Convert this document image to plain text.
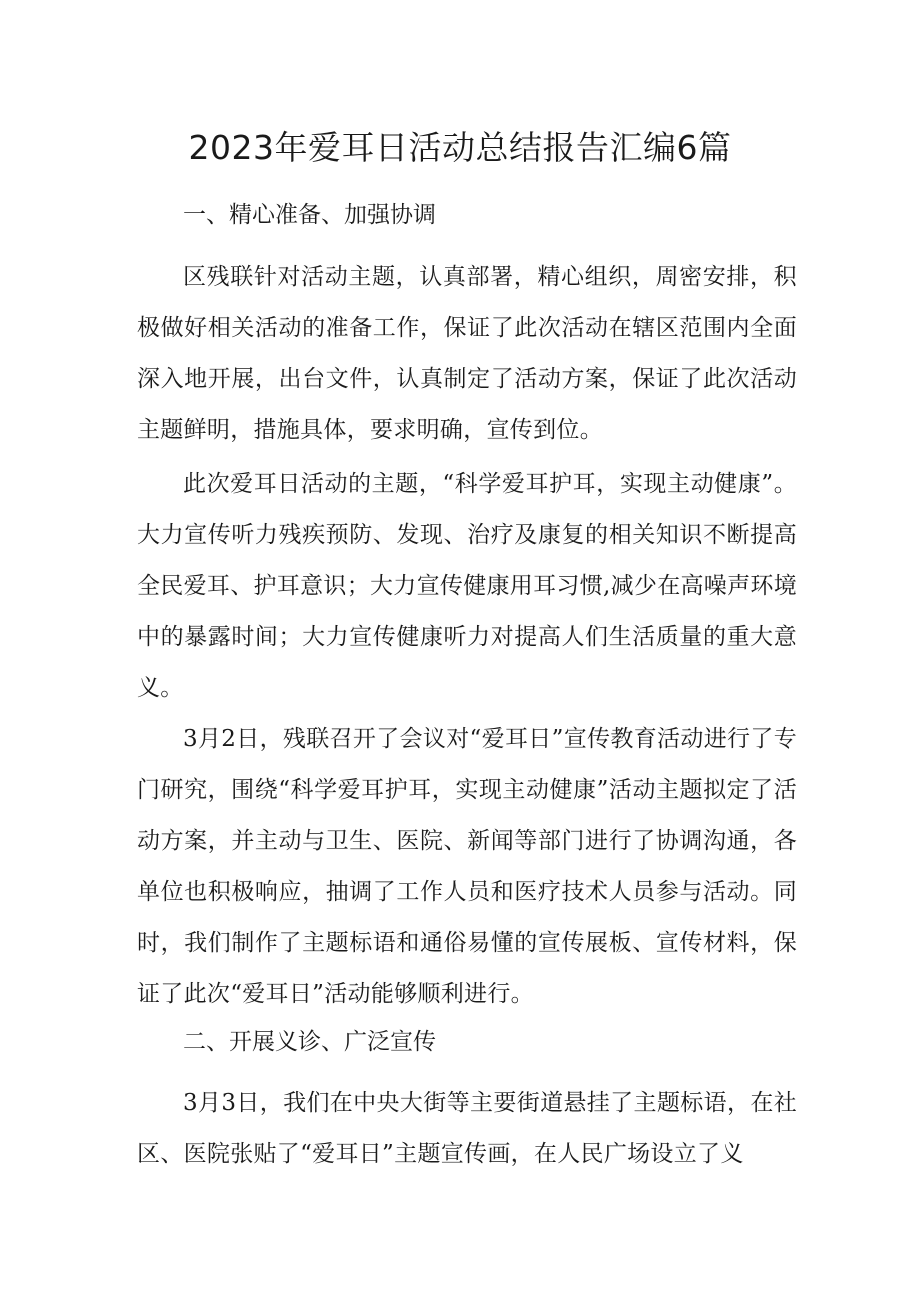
2023年爱耳日活动总结报告汇编6篇

一、精心准备、加强协调

区残联针对活动主题，认真部署，精心组织，周密安排，积极做好相关活动的准备工作，保证了此次活动在辖区范围内全面深入地开展，出台文件，认真制定了活动方案，保证了此次活动主题鲜明，措施具体，要求明确，宣传到位。

此次爱耳日活动的主题，“科学爱耳护耳，实现主动健康”。大力宣传听力残疾预防、发现、治疗及康复的相关知识不断提高全民爱耳、护耳意识；大力宣传健康用耳习惯,减少在高噪声环境中的暴露时间；大力宣传健康听力对提高人们生活质量的重大意义。

3月2日，残联召开了会议对“爱耳日”宣传教育活动进行了专门研究，围绕“科学爱耳护耳，实现主动健康”活动主题拟定了活动方案，并主动与卫生、医院、新闻等部门进行了协调沟通，各单位也积极响应，抽调了工作人员和医疗技术人员参与活动。同时，我们制作了主题标语和通俗易懂的宣传展板、宣传材料，保证了此次“爱耳日”活动能够顺利进行。

二、开展义诊、广泛宣传

3月3日，我们在中央大街等主要街道悬挂了主题标语，在社区、医院张贴了“爱耳日”主题宣传画，在人民广场设立了义
